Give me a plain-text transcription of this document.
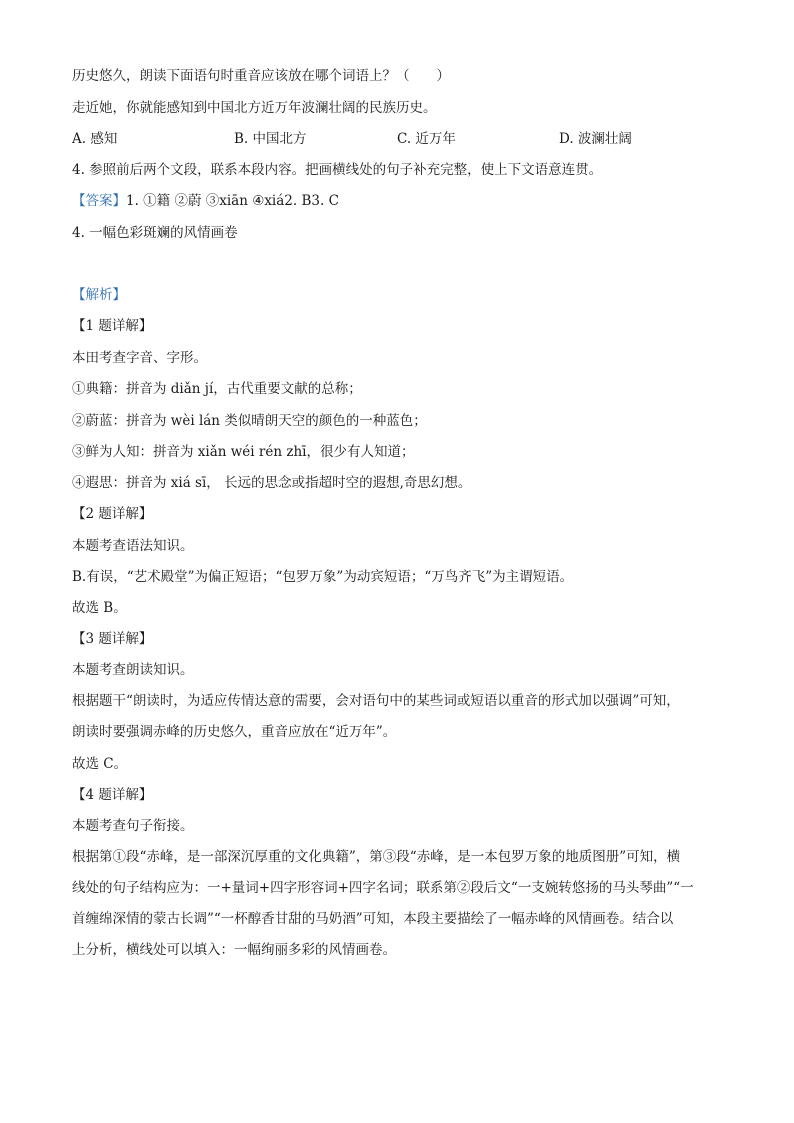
历史悠久，朗读下面语句时重音应该放在哪个词语上？（　　）
走近她，你就能感知到中国北方近万年波澜壮阔的民族历史。
A. 感知	B. 中国北方	C. 近万年	D. 波澜壮阔
4. 参照前后两个文段，联系本段内容。把画横线处的句子补充完整，使上下文语意连贯。
【答案】1. ①籍 ②蔚 ③xiān ④xiá2. B3. C
4. 一幅色彩斑斓的风情画卷
【解析】
【1 题详解】
本田考查字音、字形。
①典籍：拼音为 diǎn jí，古代重要文献的总称；
②蔚蓝：拼音为 wèi lán 类似晴朗天空的颜色的一种蓝色；
③鲜为人知：拼音为 xiǎn wéi rén zhī，很少有人知道；
④遐思：拼音为 xiá sī， 长远的思念或指超时空的遐想,奇思幻想。
【2 题详解】
本题考查语法知识。
B.有误，“艺术殿堂”为偏正短语；“包罗万象”为动宾短语；“万鸟齐飞”为主谓短语。
故选 B。
【3 题详解】
本题考查朗读知识。
根据题干“朗读时，为适应传情达意的需要，会对语句中的某些词或短语以重音的形式加以强调”可知，
朗读时要强调赤峰的历史悠久，重音应放在“近万年”。
故选 C。
【4 题详解】
本题考查句子衔接。
根据第①段“赤峰，是一部深沉厚重的文化典籍”，第③段“赤峰，是一本包罗万象的地质图册”可知，横
线处的句子结构应为：一+量词+四字形容词+四字名词；联系第②段后文“一支婉转悠扬的马头琴曲”“一
首缠绵深情的蒙古长调”“一杯醇香甘甜的马奶酒”可知，本段主要描绘了一幅赤峰的风情画卷。结合以
上分析，横线处可以填入：一幅绚丽多彩的风情画卷。
